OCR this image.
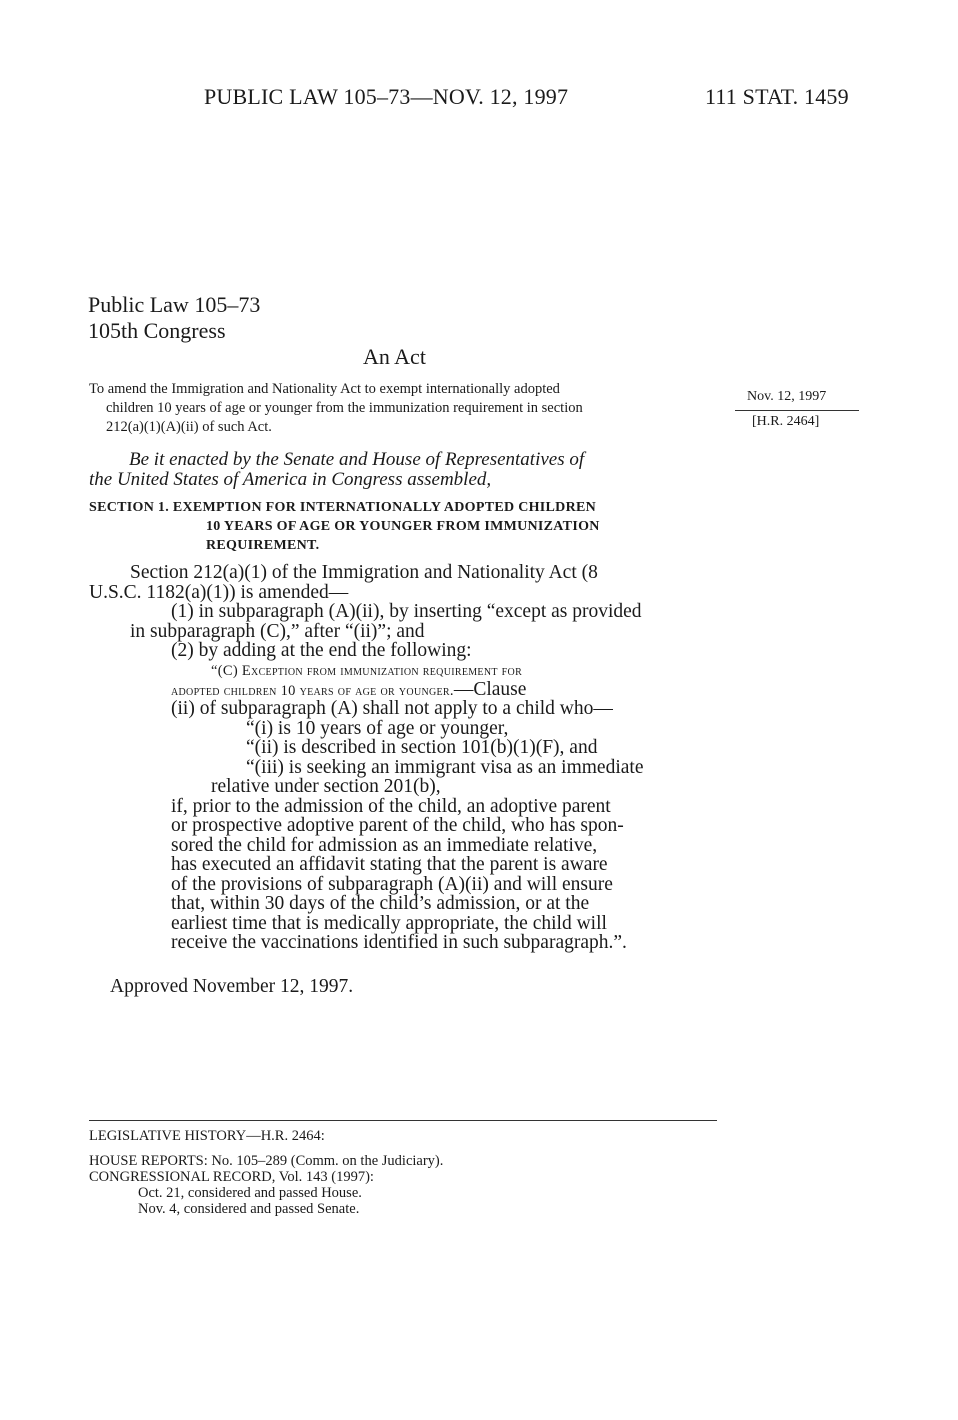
PUBLIC LAW 105–73—NOV. 12, 1997	111 STAT. 1459
Public Law 105–73
105th Congress
An Act
To amend the Immigration and Nationality Act to exempt internationally adopted
children 10 years of age or younger from the immunization requirement in section
212(a)(1)(A)(ii) of such Act.
Nov. 12, 1997
[H.R. 2464]
Be it enacted by the Senate and House of Representatives of
the United States of America in Congress assembled,
SECTION 1. EXEMPTION FOR INTERNATIONALLY ADOPTED CHILDREN
10 YEARS OF AGE OR YOUNGER FROM IMMUNIZATION
REQUIREMENT.
Section 212(a)(1) of the Immigration and Nationality Act (8
U.S.C. 1182(a)(1)) is amended—
(1) in subparagraph (A)(ii), by inserting “except as provided
in subparagraph (C),” after “(ii)”; and
(2) by adding at the end the following:
“(C) Exception from immunization requirement for
adopted children 10 years of age or younger.—Clause
(ii) of subparagraph (A) shall not apply to a child who—
“(i) is 10 years of age or younger,
“(ii) is described in section 101(b)(1)(F), and
“(iii) is seeking an immigrant visa as an immediate
relative under section 201(b),
if, prior to the admission of the child, an adoptive parent
or prospective adoptive parent of the child, who has spon-
sored the child for admission as an immediate relative,
has executed an affidavit stating that the parent is aware
of the provisions of subparagraph (A)(ii) and will ensure
that, within 30 days of the child’s admission, or at the
earliest time that is medically appropriate, the child will
receive the vaccinations identified in such subparagraph.”.
Approved November 12, 1997.
LEGISLATIVE HISTORY—H.R. 2464:
HOUSE REPORTS: No. 105–289 (Comm. on the Judiciary).
CONGRESSIONAL RECORD, Vol. 143 (1997):
Oct. 21, considered and passed House.
Nov. 4, considered and passed Senate.
